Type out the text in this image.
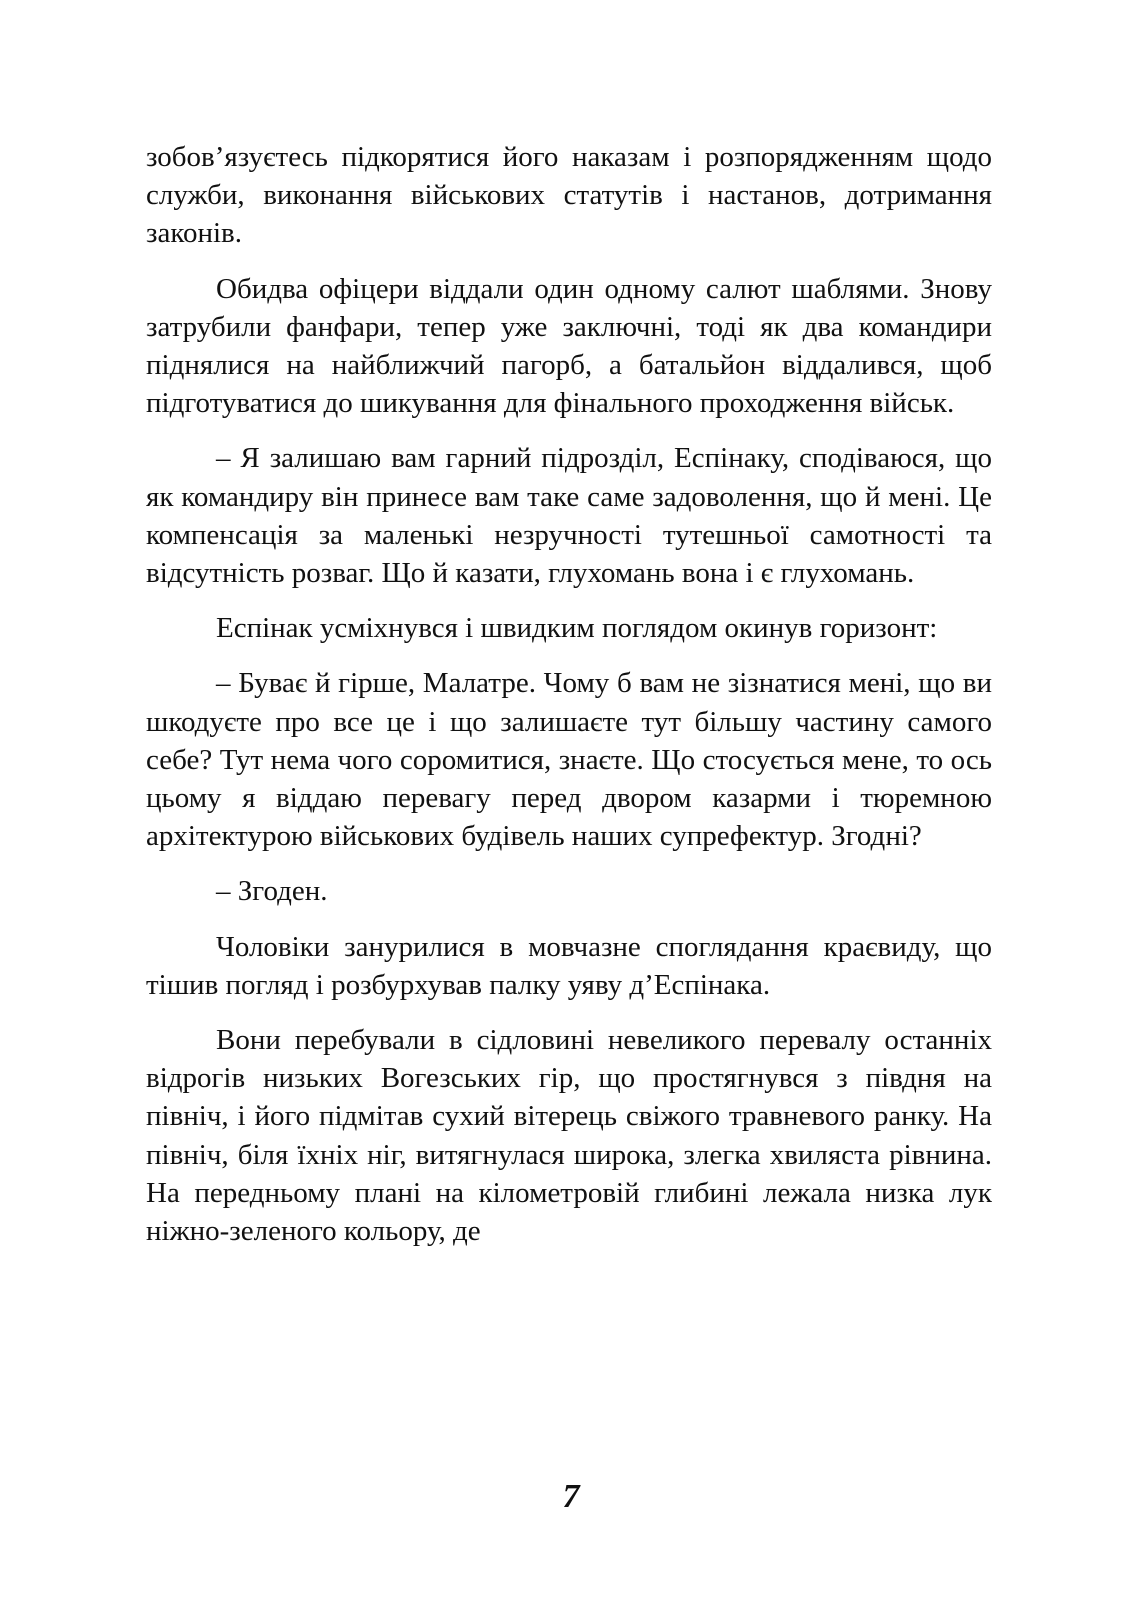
зобов’язуєтесь підкорятися його наказам і розпорядженням щодо служби, виконання військових статутів і настанов, дотримання законів.

Обидва офіцери віддали один одному салют шаблями. Знову затрубили фанфари, тепер уже заключні, тоді як два командири піднялися на найближчий пагорб, а батальйон віддалився, щоб підготуватися до шикування для фінального проходження військ.

– Я залишаю вам гарний підрозділ, Еспінаку, сподіваюся, що як командиру він принесе вам таке саме задоволення, що й мені. Це компенсація за маленькі незручності тутешньої самотності та відсутність розваг. Що й казати, глухомань вона і є глухомань.

Еспінак усміхнувся і швидким поглядом окинув горизонт:

– Буває й гірше, Малатре. Чому б вам не зізнатися мені, що ви шкодуєте про все це і що залишаєте тут більшу частину самого себе? Тут нема чого соромитися, знаєте. Що стосується мене, то ось цьому я віддаю перевагу перед двором казарми і тюремною архітектурою військових будівель наших супрефектур. Згодні?

– Згоден.

Чоловіки занурилися в мовчазне споглядання краєвиду, що тішив погляд і розбурхував палку уяву д’Еспінака.

Вони перебували в сідловині невеликого перевалу останніх відрогів низьких Вогезських гір, що простягнувся з півдня на північ, і його підмітав сухий вітерець свіжого травневого ранку. На північ, біля їхніх ніг, витягнулася широка, злегка хвиляста рівнина. На передньому плані на кілометровій глибині лежала низка лук ніжно-зеленого кольору, де

7
